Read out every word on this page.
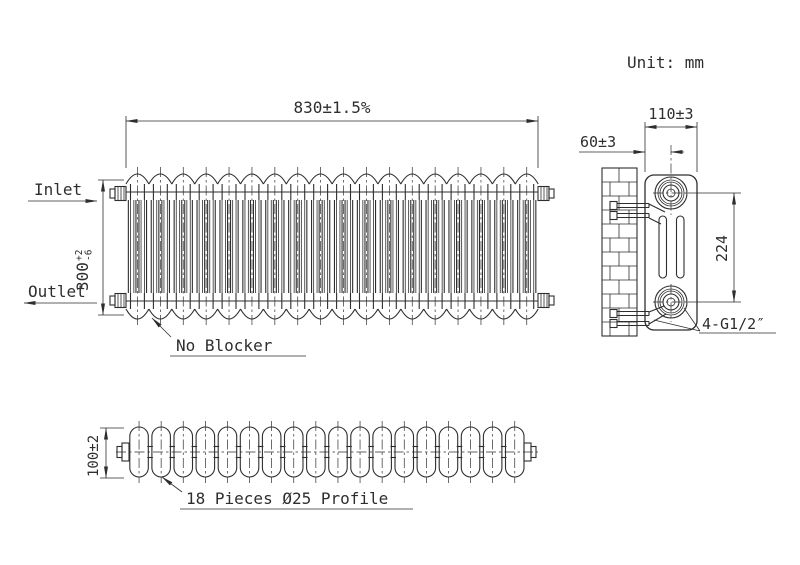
Unit: mm
830±1.5%
300
+2
-6
Inlet
Outlet
No Blocker
110±3
60±3
224
4-G1/2″
100±2
18 Pieces Ø25 Profile
